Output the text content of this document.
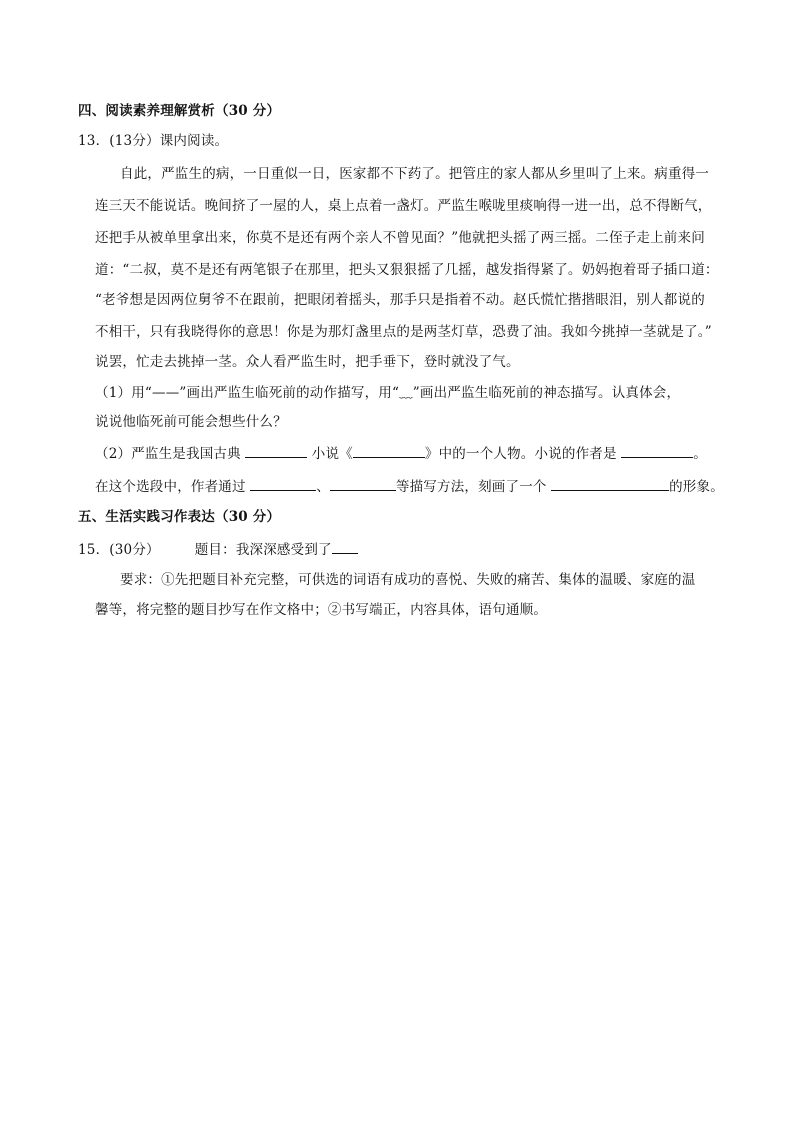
四、阅读素养理解赏析（30 分）
13．(13分）课内阅读。
自此，严监生的病，一日重似一日，医家都不下药了。把管庄的家人都从乡里叫了上来。病重得一
连三天不能说话。晚间挤了一屋的人，桌上点着一盏灯。严监生喉咙里痰响得一进一出，总不得断气，
还把手从被单里拿出来，你莫不是还有两个亲人不曾见面？”他就把头摇了两三摇。二侄子走上前来问
道：“二叔，莫不是还有两笔银子在那里，把头又狠狠摇了几摇，越发指得紧了。奶妈抱着哥子插口道：
“老爷想是因两位舅爷不在跟前，把眼闭着摇头，那手只是指着不动。赵氏慌忙揩揩眼泪，别人都说的
不相干，只有我晓得你的意思！你是为那灯盏里点的是两茎灯草，恐费了油。我如今挑掉一茎就是了。”
说罢，忙走去挑掉一茎。众人看严监生时，把手垂下，登时就没了气。
（1）用“——”画出严监生临死前的动作描写，用“﹏”画出严监生临死前的神态描写。认真体会，
说说他临死前可能会想些什么？
（2）严监生是我国古典	小说《	》中的一个人物。小说的作者是	。
在这个选段中，作者通过	、	等描写方法，刻画了一个	的形象。
五、生活实践习作表达（30 分）
15．(30分）	题目：我深深感受到了
要求：①先把题目补充完整，可供选的词语有成功的喜悦、失败的痛苦、集体的温暖、家庭的温
馨等，将完整的题目抄写在作文格中；②书写端正，内容具体，语句通顺。
